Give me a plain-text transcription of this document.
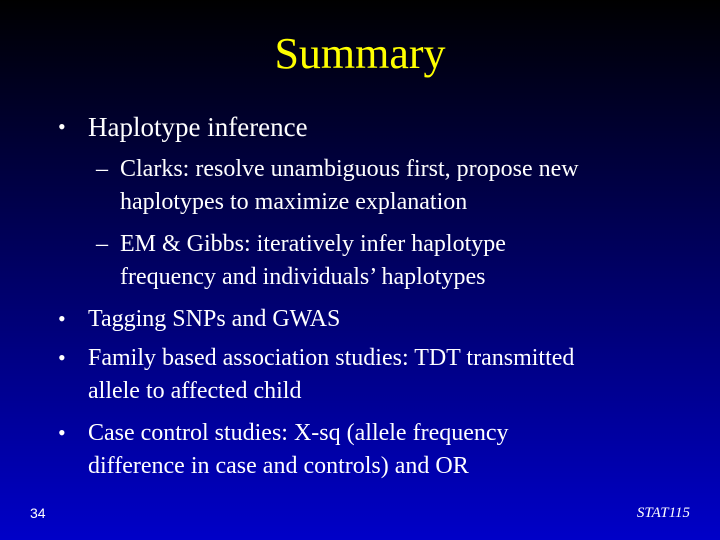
Summary
• Haplotype inference
– Clarks: resolve unambiguous first, propose new
haplotypes to maximize explanation
– EM & Gibbs: iteratively infer haplotype
frequency and individuals’ haplotypes
• Tagging SNPs and GWAS
• Family based association studies: TDT transmitted
allele to affected child
• Case control studies: X-sq (allele frequency
difference in case and controls) and OR
34	STAT115
